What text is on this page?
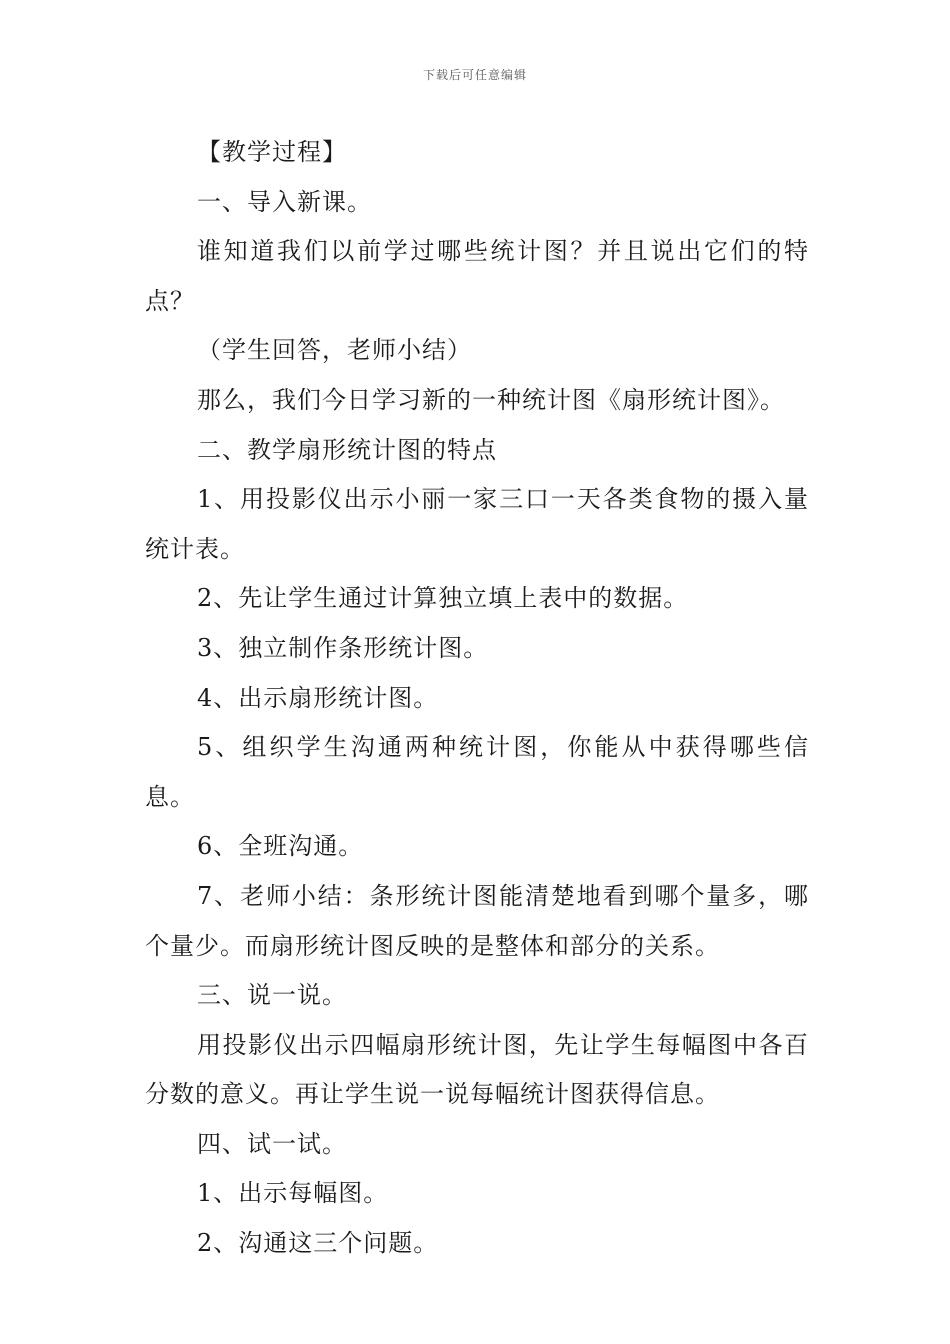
下载后可任意编辑

【教学过程】

一、导入新课。

谁知道我们以前学过哪些统计图？并且说出它们的特点？

（学生回答，老师小结）

那么，我们今日学习新的一种统计图《扇形统计图》。

二、教学扇形统计图的特点

1、用投影仪出示小丽一家三口一天各类食物的摄入量统计表。

2、先让学生通过计算独立填上表中的数据。

3、独立制作条形统计图。

4、出示扇形统计图。

5、组织学生沟通两种统计图，你能从中获得哪些信息。

6、全班沟通。

7、老师小结：条形统计图能清楚地看到哪个量多，哪个量少。而扇形统计图反映的是整体和部分的关系。

三、说一说。

用投影仪出示四幅扇形统计图，先让学生每幅图中各百分数的意义。再让学生说一说每幅统计图获得信息。

四、试一试。

1、出示每幅图。

2、沟通这三个问题。
